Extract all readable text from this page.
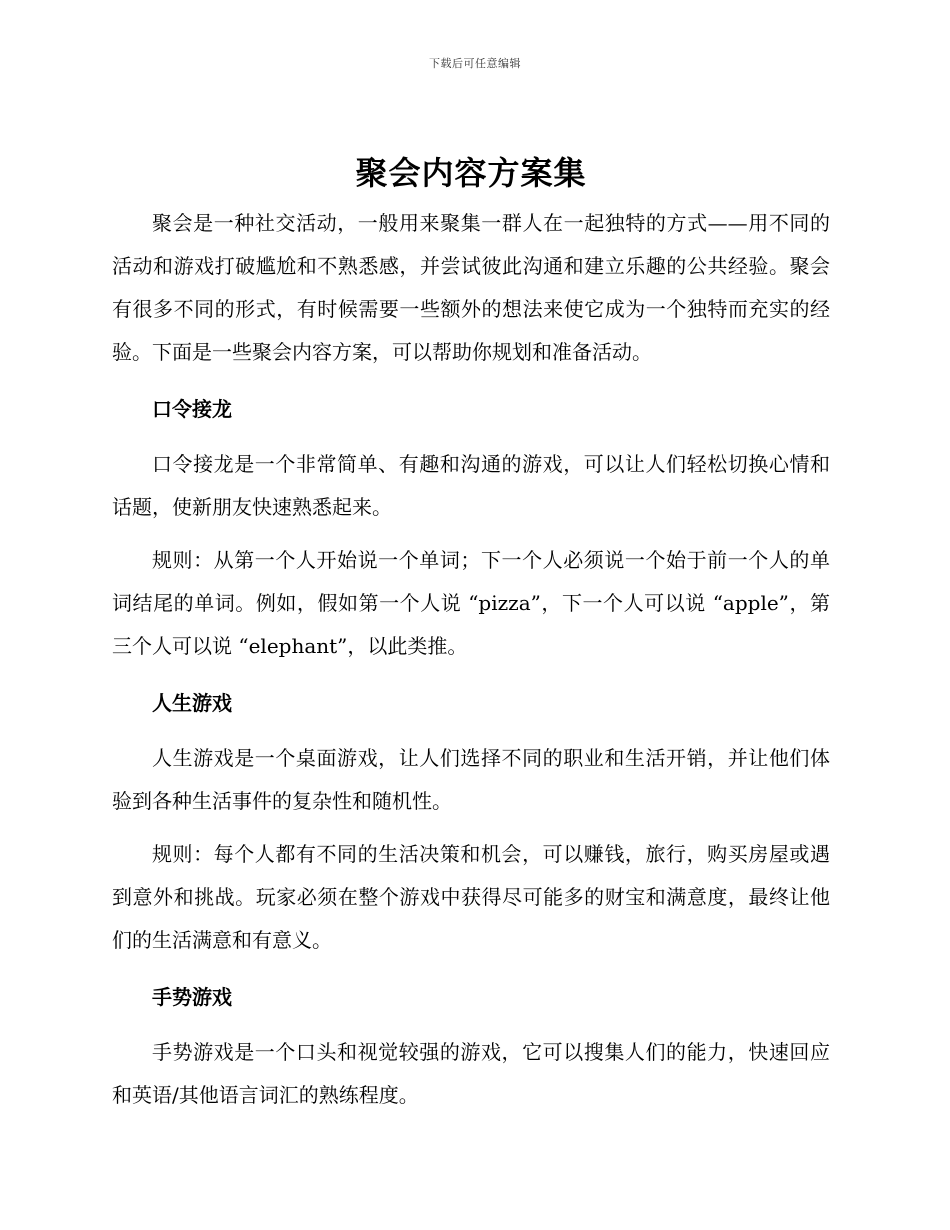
下载后可任意编辑
聚会内容方案集

聚会是一种社交活动，一般用来聚集一群人在一起独特的方式——用不同的活动和游戏打破尴尬和不熟悉感，并尝试彼此沟通和建立乐趣的公共经验。聚会有很多不同的形式，有时候需要一些额外的想法来使它成为一个独特而充实的经验。下面是一些聚会内容方案，可以帮助你规划和准备活动。

口令接龙

口令接龙是一个非常简单、有趣和沟通的游戏，可以让人们轻松切换心情和话题，使新朋友快速熟悉起来。

规则：从第一个人开始说一个单词；下一个人必须说一个始于前一个人的单词结尾的单词。例如，假如第一个人说 “pizza”，下一个人可以说 “apple”，第三个人可以说 “elephant”，以此类推。

人生游戏

人生游戏是一个桌面游戏，让人们选择不同的职业和生活开销，并让他们体验到各种生活事件的复杂性和随机性。

规则：每个人都有不同的生活决策和机会，可以赚钱，旅行，购买房屋或遇到意外和挑战。玩家必须在整个游戏中获得尽可能多的财宝和满意度，最终让他们的生活满意和有意义。

手势游戏

手势游戏是一个口头和视觉较强的游戏，它可以搜集人们的能力，快速回应和英语/其他语言词汇的熟练程度。
